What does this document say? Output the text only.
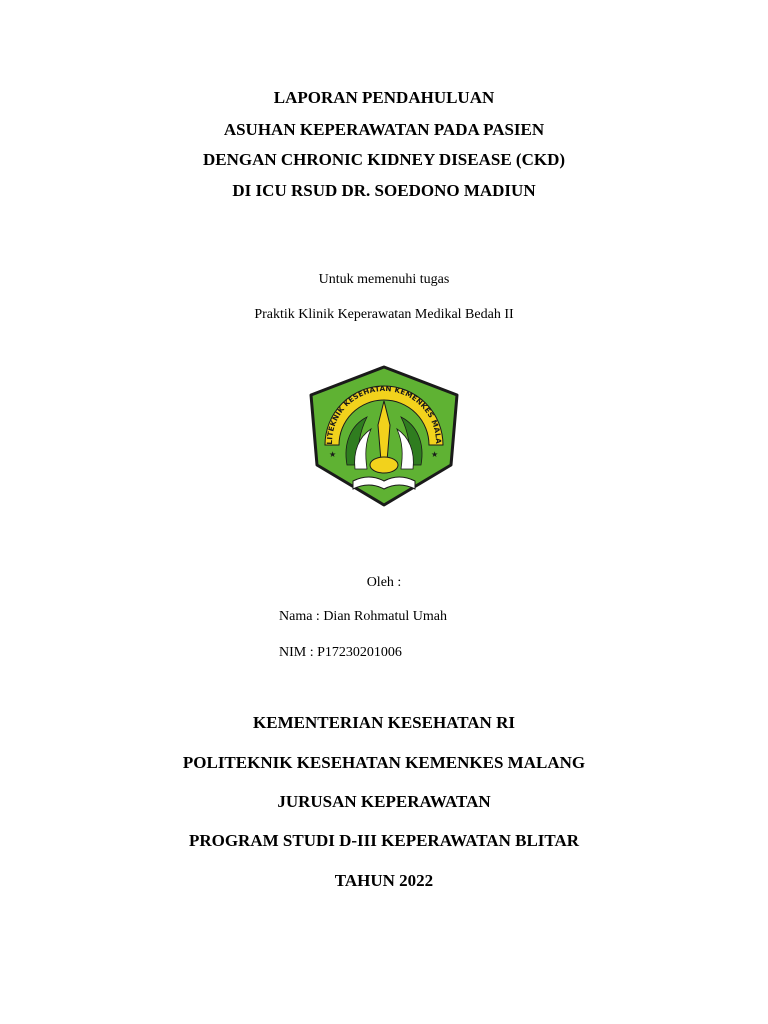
LAPORAN PENDAHULUAN
ASUHAN KEPERAWATAN PADA PASIEN
DENGAN CHRONIC KIDNEY DISEASE (CKD)
DI ICU RSUD DR. SOEDONO MADIUN
Untuk memenuhi tugas
Praktik Klinik Keperawatan Medikal Bedah II
LITEKNIK KESEHATAN KEMENKES MALA
★	★
Oleh :
Nama : Dian Rohmatul Umah
NIM : P17230201006
KEMENTERIAN KESEHATAN RI
POLITEKNIK KESEHATAN KEMENKES MALANG
JURUSAN KEPERAWATAN
PROGRAM STUDI D-III KEPERAWATAN BLITAR
TAHUN 2022
